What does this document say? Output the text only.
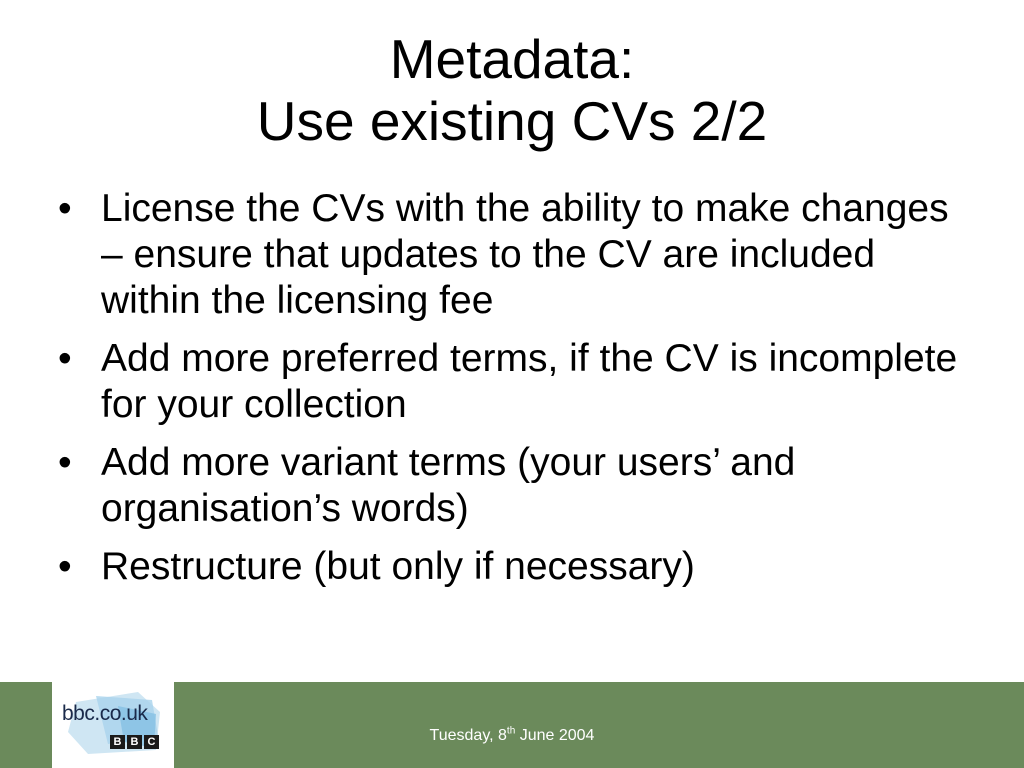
Metadata:
Use existing CVs 2/2
• License the CVs with the ability to make changes – ensure that updates to the CV are included within the licensing fee
• Add more preferred terms, if the CV is incomplete for your collection
• Add more variant terms (your users’ and organisation’s words)
• Restructure (but only if necessary)
bbc.co.uk
B B C	Tuesday, 8th June 2004
